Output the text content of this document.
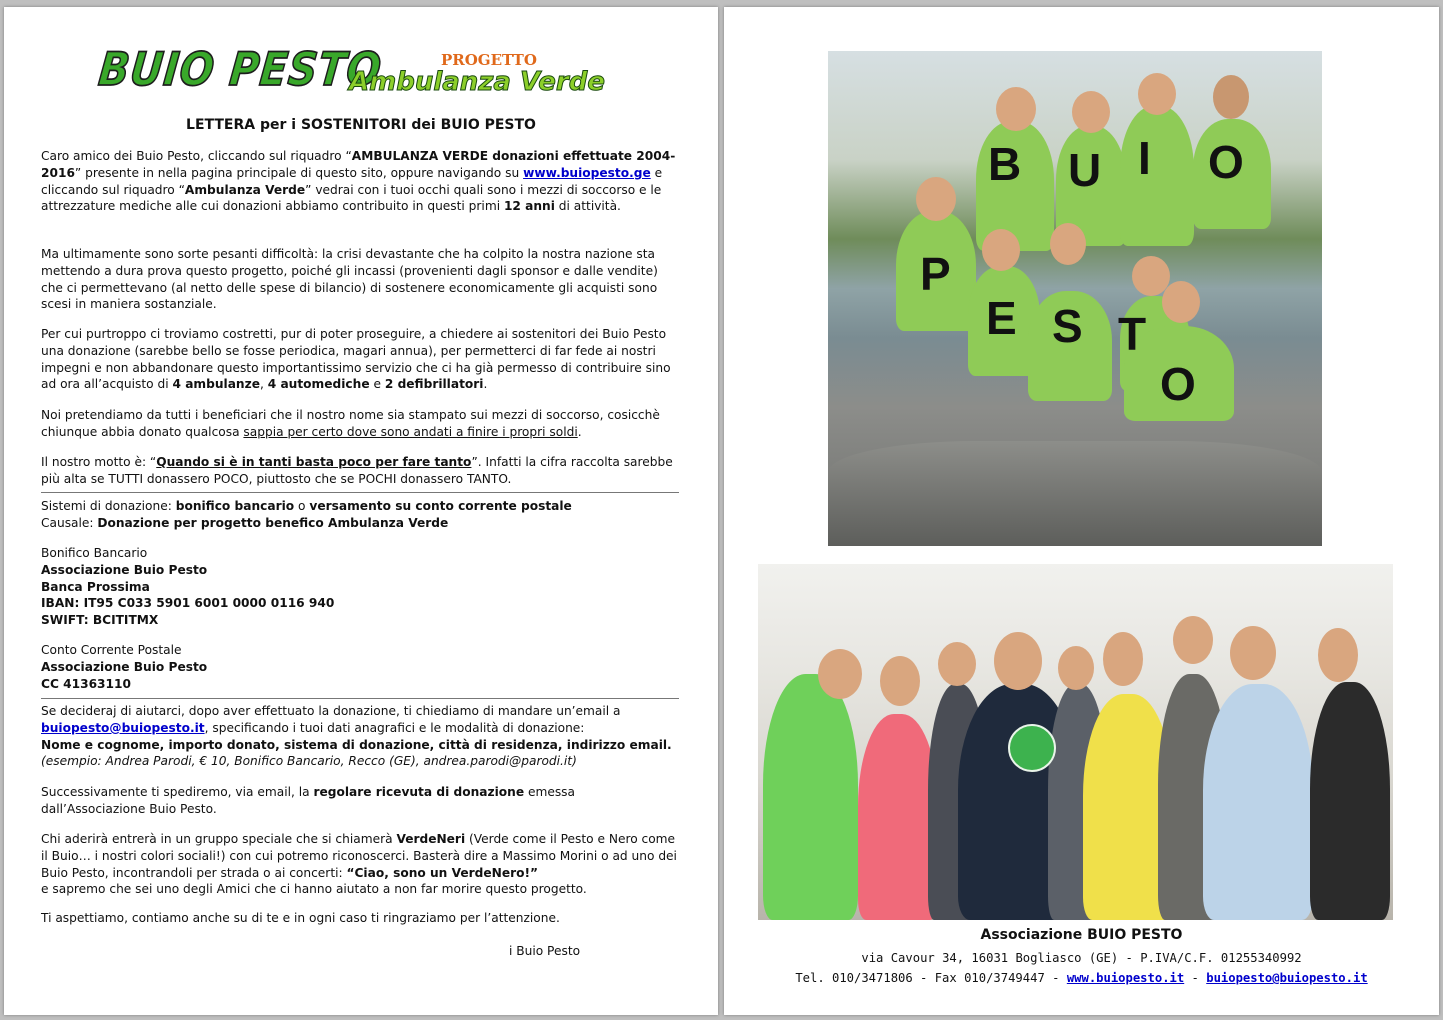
BUIO PESTO	PROGETTO
Ambulanza Verde
LETTERA per i SOSTENITORI dei BUIO PESTO

Caro amico dei Buio Pesto, cliccando sul riquadro “AMBULANZA VERDE donazioni effettuate 2004-2016” presente in nella pagina principale di questo sito, oppure navigando su www.buiopesto.ge e cliccando sul riquadro “Ambulanza Verde” vedrai con i tuoi occhi quali sono i mezzi di soccorso e le attrezzature mediche alle cui donazioni abbiamo contribuito in questi primi 12 anni di attività.

Ma ultimamente sono sorte pesanti difficoltà: la crisi devastante che ha colpito la nostra nazione sta mettendo a dura prova questo progetto, poiché gli incassi (provenienti dagli sponsor e dalle vendite) che ci permettevano (al netto delle spese di bilancio) di sostenere economicamente gli acquisti sono scesi in maniera sostanziale.

Per cui purtroppo ci troviamo costretti, pur di poter proseguire, a chiedere ai sostenitori dei Buio Pesto una donazione (sarebbe bello se fosse periodica, magari annua), per permetterci di far fede ai nostri impegni e non abbandonare questo importantissimo servizio che ci ha già permesso di contribuire sino ad ora all’acquisto di 4 ambulanze, 4 automediche e 2 defibrillatori.

Noi pretendiamo da tutti i beneficiari che il nostro nome sia stampato sui mezzi di soccorso, cosicchè chiunque abbia donato qualcosa sappia per certo dove sono andati a finire i propri soldi.

Il nostro motto è: “Quando si è in tanti basta poco per fare tanto”. Infatti la cifra raccolta sarebbe più alta se TUTTI donassero POCO, piuttosto che se POCHI donassero TANTO.

Sistemi di donazione: bonifico bancario o versamento su conto corrente postale

Causale: Donazione per progetto benefico Ambulanza Verde

Bonifico Bancario

Associazione Buio Pesto

Banca Prossima

IBAN: IT95 C033 5901 6001 0000 0116 940

SWIFT: BCITITMX

Conto Corrente Postale

Associazione Buio Pesto

CC 41363110

Se decideraj di aiutarci, dopo aver effettuato la donazione, ti chiediamo di mandare un’email a buiopesto@buiopesto.it, specificando i tuoi dati anagrafici e le modalità di donazione:

Nome e cognome, importo donato, sistema di donazione, città di residenza, indirizzo email.

(esempio: Andrea Parodi, € 10, Bonifico Bancario, Recco (GE), andrea.parodi@parodi.it)

Successivamente ti spediremo, via email, la regolare ricevuta di donazione emessa dall’Associazione Buio Pesto.

Chi aderirà entrerà in un gruppo speciale che si chiamerà VerdeNeri (Verde come il Pesto e Nero come il Buio… i nostri colori sociali!) con cui potremo riconoscerci. Basterà dire a Massimo Morini o ad uno dei Buio Pesto, incontrandoli per strada o ai concerti: “Ciao, sono un VerdeNero!”
e sapremo che sei uno degli Amici che ci hanno aiutato a non far morire questo progetto.

Ti aspettiamo, contiamo anche su di te e in ogni caso ti ringraziamo per l’attenzione.

i Buio Pesto
B U I O
P
E S T
O
Associazione BUIO PESTO
via Cavour 34, 16031 Bogliasco (GE) - P.IVA/C.F. 01255340992
Tel. 010/3471806 - Fax 010/3749447 - www.buiopesto.it - buiopesto@buiopesto.it
